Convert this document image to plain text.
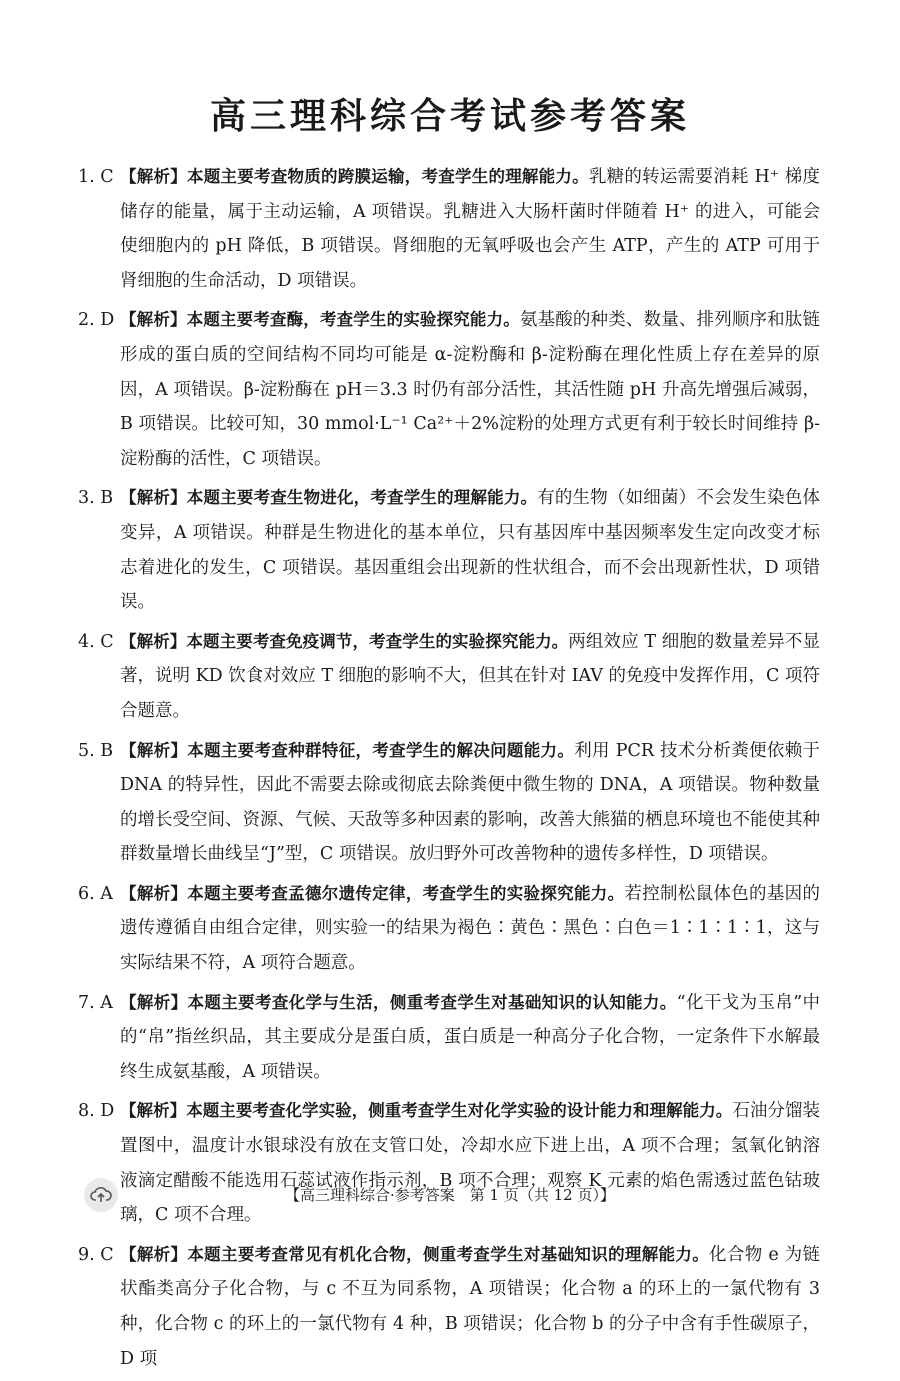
高三理科综合考试参考答案
1. C 【解析】本题主要考查物质的跨膜运输，考查学生的理解能力。乳糖的转运需要消耗 H⁺ 梯度储存的能量，属于主动运输，A 项错误。乳糖进入大肠杆菌时伴随着 H⁺ 的进入，可能会使细胞内的 pH 降低，B 项错误。肾细胞的无氧呼吸也会产生 ATP，产生的 ATP 可用于肾细胞的生命活动，D 项错误。
2. D 【解析】本题主要考查酶，考查学生的实验探究能力。氨基酸的种类、数量、排列顺序和肽链形成的蛋白质的空间结构不同均可能是 α-淀粉酶和 β-淀粉酶在理化性质上存在差异的原因，A 项错误。β-淀粉酶在 pH＝3.3 时仍有部分活性，其活性随 pH 升高先增强后减弱，B 项错误。比较可知，30 mmol·L⁻¹ Ca²⁺＋2%淀粉的处理方式更有利于较长时间维持 β-淀粉酶的活性，C 项错误。
3. B 【解析】本题主要考查生物进化，考查学生的理解能力。有的生物（如细菌）不会发生染色体变异，A 项错误。种群是生物进化的基本单位，只有基因库中基因频率发生定向改变才标志着进化的发生，C 项错误。基因重组会出现新的性状组合，而不会出现新性状，D 项错误。
4. C 【解析】本题主要考查免疫调节，考查学生的实验探究能力。两组效应 T 细胞的数量差异不显著，说明 KD 饮食对效应 T 细胞的影响不大，但其在针对 IAV 的免疫中发挥作用，C 项符合题意。
5. B 【解析】本题主要考查种群特征，考查学生的解决问题能力。利用 PCR 技术分析粪便依赖于 DNA 的特异性，因此不需要去除或彻底去除粪便中微生物的 DNA，A 项错误。物种数量的增长受空间、资源、气候、天敌等多种因素的影响，改善大熊猫的栖息环境也不能使其种群数量增长曲线呈“J”型，C 项错误。放归野外可改善物种的遗传多样性，D 项错误。
6. A 【解析】本题主要考查孟德尔遗传定律，考查学生的实验探究能力。若控制松鼠体色的基因的遗传遵循自由组合定律，则实验一的结果为褐色∶黄色∶黑色∶白色＝1∶1∶1∶1，这与实际结果不符，A 项符合题意。
7. A 【解析】本题主要考查化学与生活，侧重考查学生对基础知识的认知能力。“化干戈为玉帛”中的“帛”指丝织品，其主要成分是蛋白质，蛋白质是一种高分子化合物，一定条件下水解最终生成氨基酸，A 项错误。
8. D 【解析】本题主要考查化学实验，侧重考查学生对化学实验的设计能力和理解能力。石油分馏装置图中，温度计水银球没有放在支管口处，冷却水应下进上出，A 项不合理；氢氧化钠溶液滴定醋酸不能选用石蕊试液作指示剂，B 项不合理；观察 K 元素的焰色需透过蓝色钴玻璃，C 项不合理。
9. C 【解析】本题主要考查常见有机化合物，侧重考查学生对基础知识的理解能力。化合物 e 为链状酯类高分子化合物，与 c 不互为同系物，A 项错误；化合物 a 的环上的一氯代物有 3 种，化合物 c 的环上的一氯代物有 4 种，B 项错误；化合物 b 的分子中含有手性碳原子，D 项
【高三理科综合·参考答案　第 1 页（共 12 页）】
